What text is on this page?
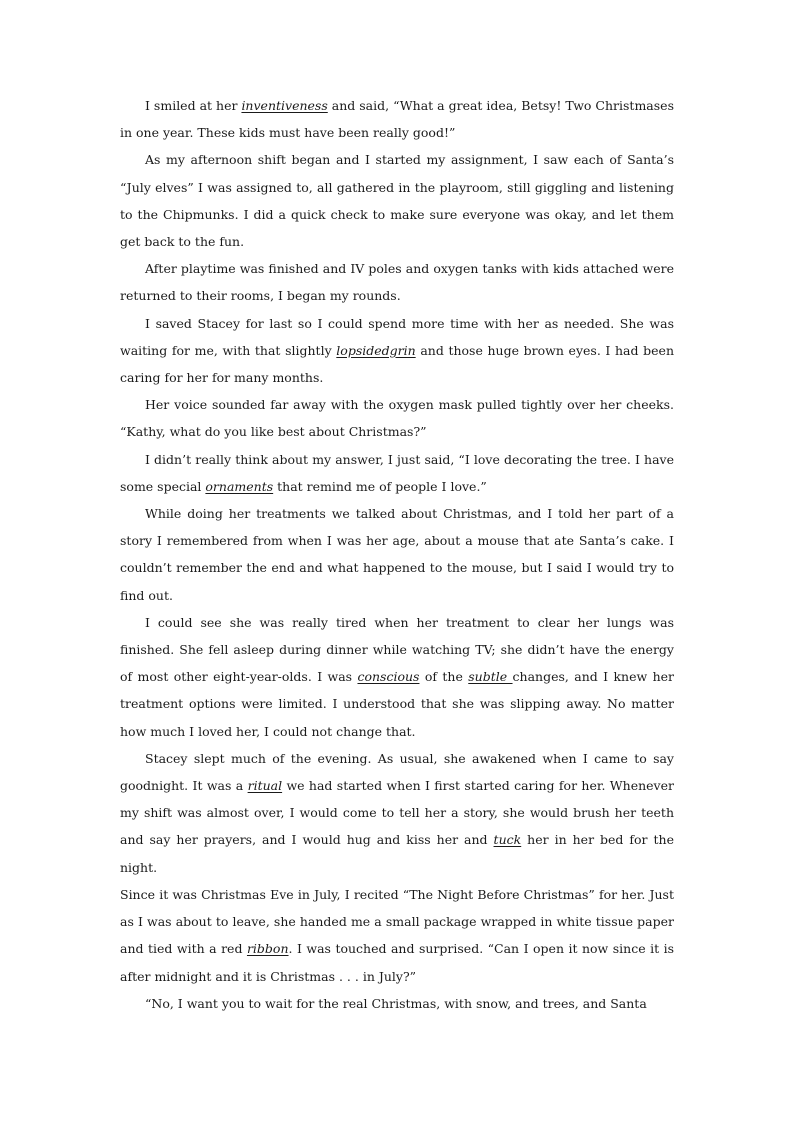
I smiled at her inventiveness and said, “What a great idea, Betsy! Two Christmases in one year. These kids must have been really good!”

As my afternoon shift began and I started my assignment, I saw each of Santa’s “July elves” I was assigned to, all gathered in the playroom, still giggling and listening to the Chipmunks. I did a quick check to make sure everyone was okay, and let them get back to the fun.

After playtime was finished and IV poles and oxygen tanks with kids attached were returned to their rooms, I began my rounds.

I saved Stacey for last so I could spend more time with her as needed. She was waiting for me, with that slightly lopsidedgrin and those huge brown eyes. I had been caring for her for many months.

Her voice sounded far away with the oxygen mask pulled tightly over her cheeks. “Kathy, what do you like best about Christmas?”

I didn’t really think about my answer, I just said, “I love decorating the tree. I have some special ornaments that remind me of people I love.”

While doing her treatments we talked about Christmas, and I told her part of a story I remembered from when I was her age, about a mouse that ate Santa’s cake. I couldn’t remember the end and what happened to the mouse, but I said I would try to find out.

I could see she was really tired when her treatment to clear her lungs was finished. She fell asleep during dinner while watching TV; she didn’t have the energy of most other eight-year-olds. I was conscious of the subtle changes, and I knew her treatment options were limited. I understood that she was slipping away. No matter how much I loved her, I could not change that.

Stacey slept much of the evening. As usual, she awakened when I came to say goodnight. It was a ritual we had started when I first started caring for her. Whenever my shift was almost over, I would come to tell her a story, she would brush her teeth and say her prayers, and I would hug and kiss her and tuck her in her bed for the night.

Since it was Christmas Eve in July, I recited “The Night Before Christmas” for her. Just as I was about to leave, she handed me a small package wrapped in white tissue paper and tied with a red ribbon. I was touched and surprised. “Can I open it now since it is after midnight and it is Christmas . . . in July?”

“No, I want you to wait for the real Christmas, with snow, and trees, and Santa
